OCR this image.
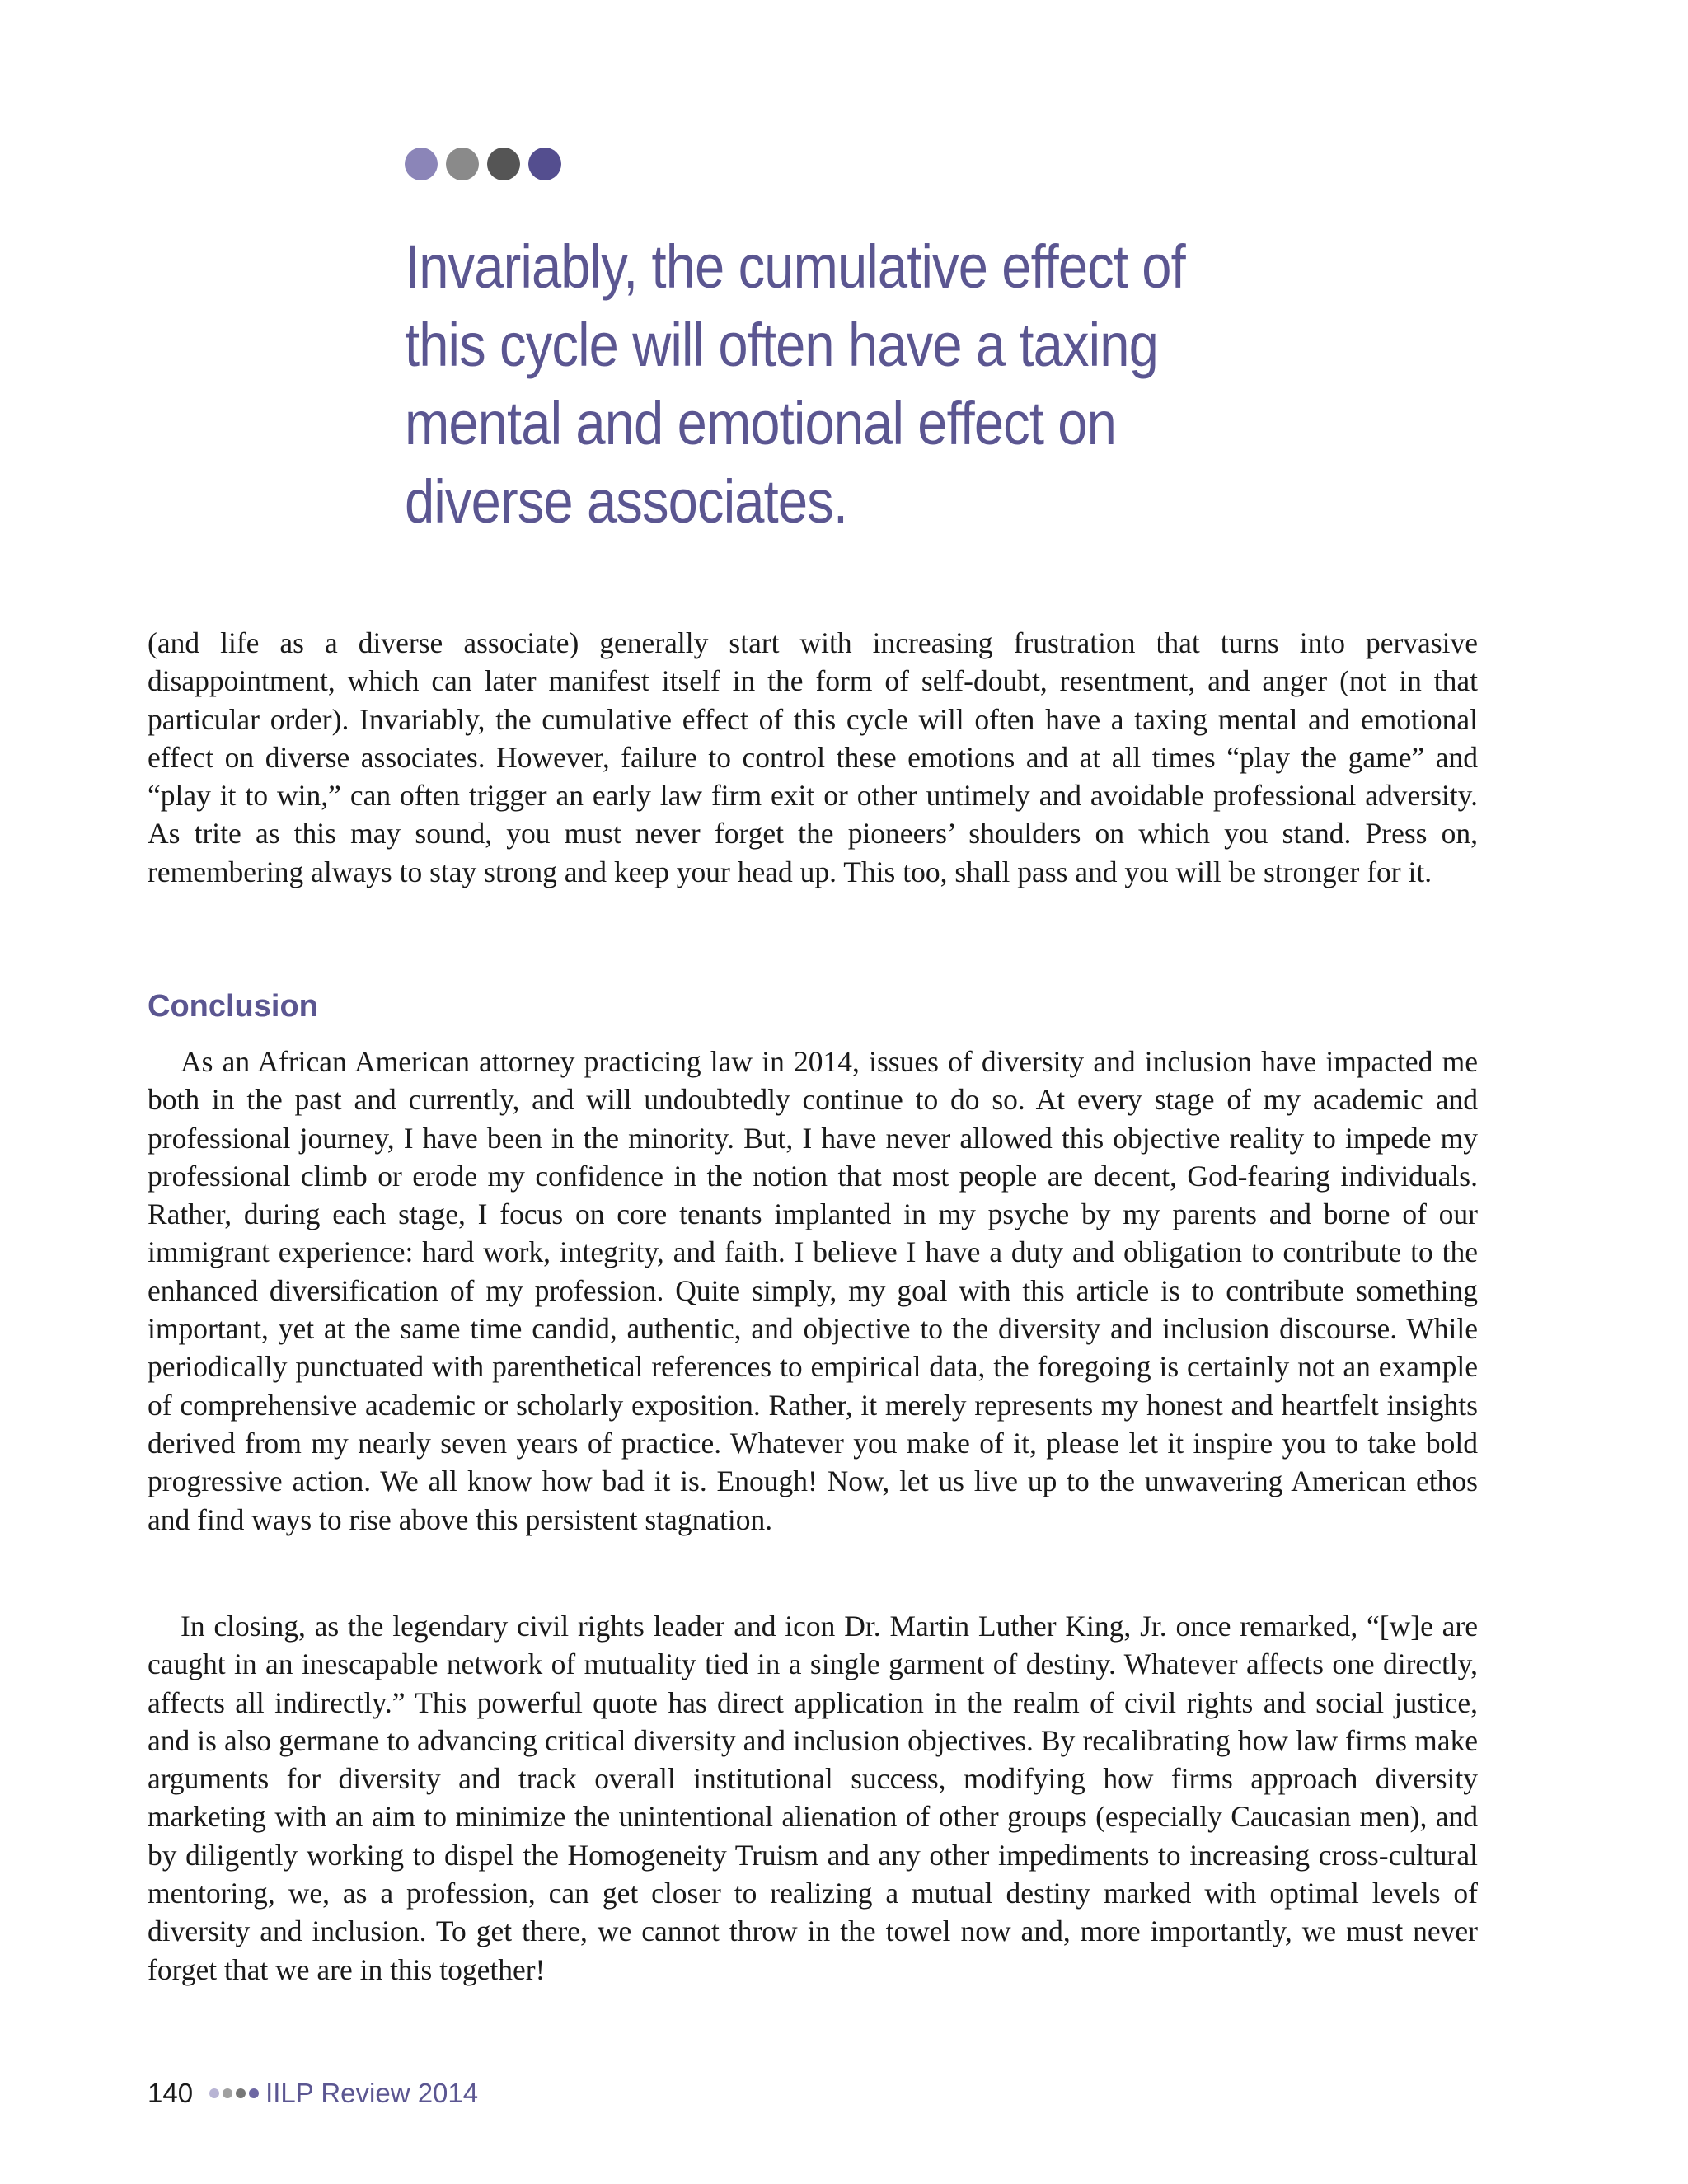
Invariably, the cumulative effect of
this cycle will often have a taxing
mental and emotional effect on
diverse associates.

(and life as a diverse associate) generally start with increasing frustration that turns into pervasive disappointment, which can later manifest itself in the form of self-doubt, resentment, and anger (not in that particular order). Invariably, the cumulative effect of this cycle will often have a taxing mental and emotional effect on diverse associates. However, failure to control these emotions and at all times “play the game” and “play it to win,” can often trigger an early law firm exit or other untimely and avoidable professional adversity. As trite as this may sound, you must never forget the pioneers’ shoulders on which you stand. Press on, remembering always to stay strong and keep your head up. This too, shall pass and you will be stronger for it.

Conclusion

As an African American attorney practicing law in 2014, issues of diversity and inclusion have impacted me both in the past and currently, and will undoubtedly continue to do so. At every stage of my academic and professional journey, I have been in the minority. But, I have never allowed this objective reality to impede my professional climb or erode my confidence in the notion that most people are decent, God-fearing individuals. Rather, during each stage, I focus on core tenants implanted in my psyche by my parents and borne of our immigrant experience: hard work, integrity, and faith. I believe I have a duty and obligation to contribute to the enhanced diversification of my profession. Quite simply, my goal with this article is to contribute something important, yet at the same time candid, authentic, and objective to the diversity and inclusion discourse. While periodically punctuated with parenthetical references to empirical data, the foregoing is certainly not an example of comprehensive academic or scholarly exposition. Rather, it merely represents my honest and heartfelt insights derived from my nearly seven years of practice. Whatever you make of it, please let it inspire you to take bold progressive action. We all know how bad it is. Enough! Now, let us live up to the unwavering American ethos and find ways to rise above this persistent stagnation.

In closing, as the legendary civil rights leader and icon Dr. Martin Luther King, Jr. once remarked, “[w]e are caught in an inescapable network of mutuality tied in a single garment of destiny. Whatever affects one directly, affects all indirectly.” This powerful quote has direct application in the realm of civil rights and social justice, and is also germane to advancing critical diversity and inclusion objectives. By recalibrating how law firms make arguments for diversity and track overall institutional success, modifying how firms approach diversity marketing with an aim to minimize the unintentional alienation of other groups (especially Caucasian men), and by diligently working to dispel the Homogeneity Truism and any other impediments to increasing cross-cultural mentoring, we, as a profession, can get closer to realizing a mutual destiny marked with optimal levels of diversity and inclusion. To get there, we cannot throw in the towel now and, more importantly, we must never forget that we are in this together!

140	IILP Review 2014
